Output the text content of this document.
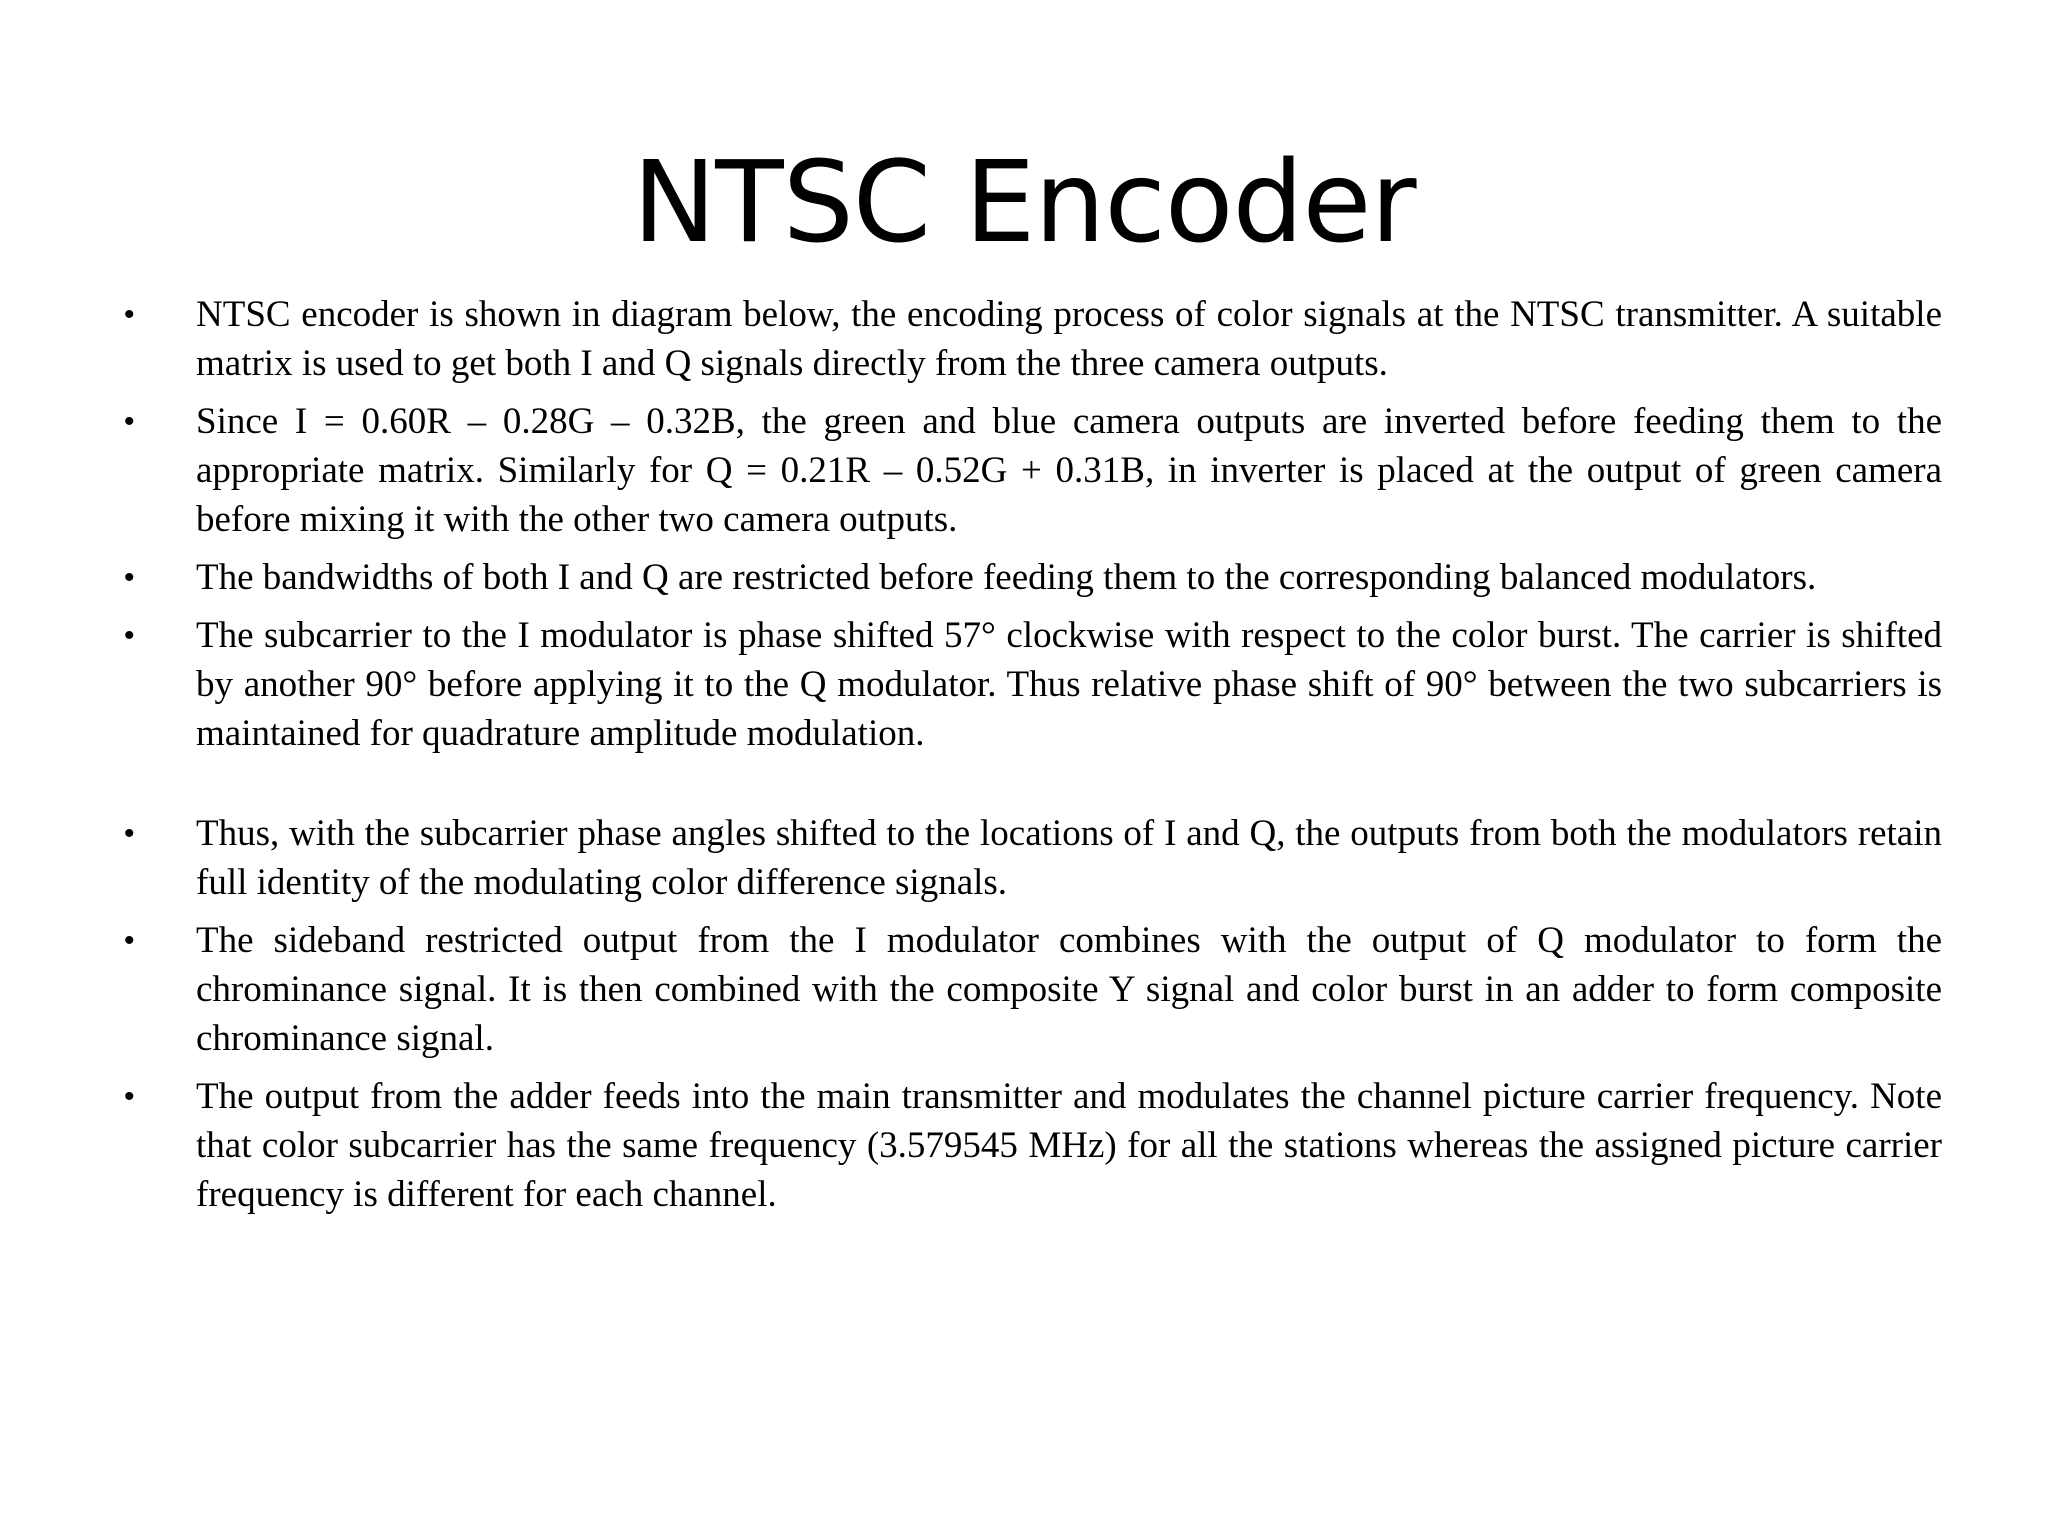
NTSC Encoder
•	NTSC encoder is shown in diagram below, the encoding process of color signals at the NTSC transmitter. A suitable matrix is used to get both I and Q signals directly from the three camera outputs.
•	Since I = 0.60R – 0.28G – 0.32B, the green and blue camera outputs are inverted before feeding them to the appropriate matrix. Similarly for Q = 0.21R – 0.52G + 0.31B, in inverter is placed at the output of green camera before mixing it with the other two camera outputs.
•	The bandwidths of both I and Q are restricted before feeding them to the corresponding balanced modulators.
•	The subcarrier to the I modulator is phase shifted 57° clockwise with respect to the color burst. The carrier is shifted by another 90° before applying it to the Q modulator. Thus relative phase shift of 90° between the two subcarriers is maintained for quadrature amplitude modulation.
•	Thus, with the subcarrier phase angles shifted to the locations of I and Q, the outputs from both the modulators retain full identity of the modulating color difference signals.
•	The sideband restricted output from the I modulator combines with the output of Q modulator to form the chrominance signal. It is then combined with the composite Y signal and color burst in an adder to form composite chrominance signal.
•	The output from the adder feeds into the main transmitter and modulates the channel picture carrier frequency. Note that color subcarrier has the same frequency (3.579545 MHz) for all the stations whereas the assigned picture carrier frequency is different for each channel.
